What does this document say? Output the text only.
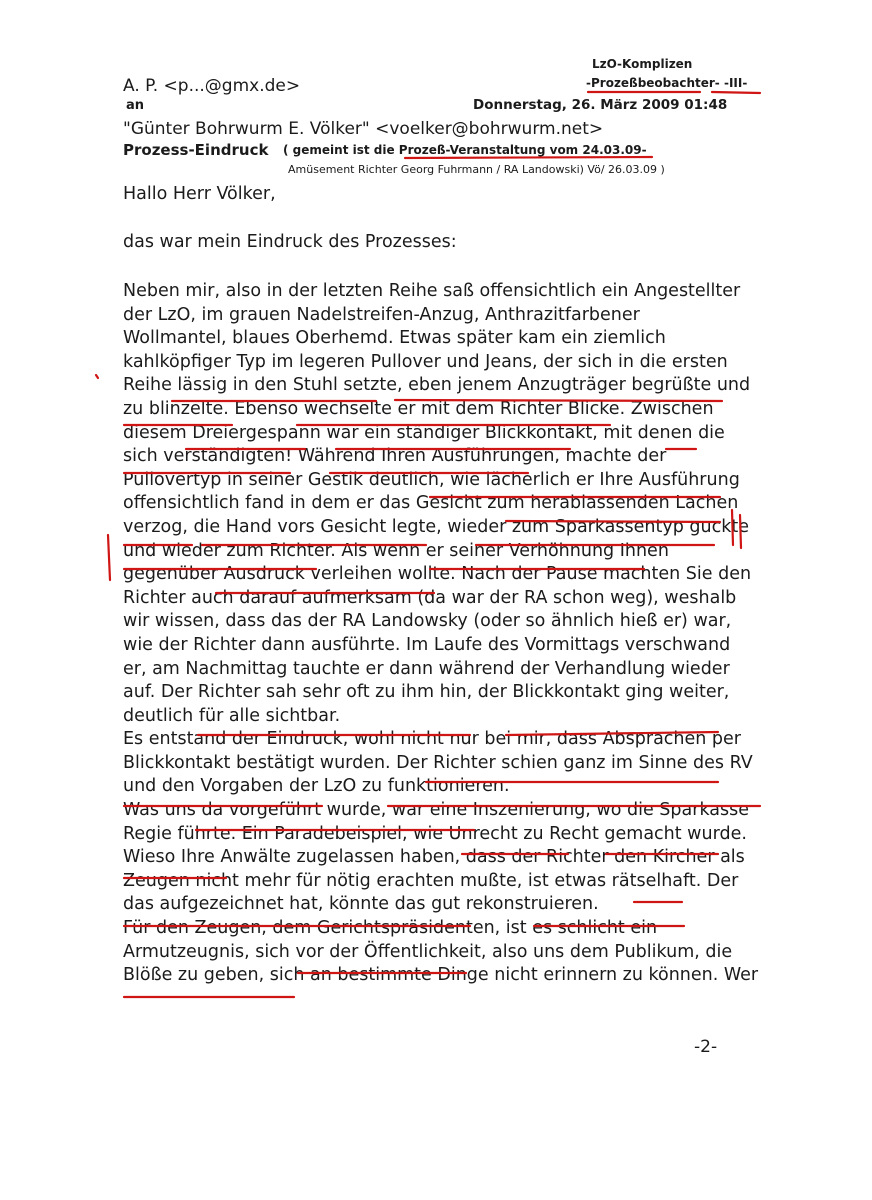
LzO-Komplizen
-Prozeßbeobachter- -III-
A. P. <p...@gmx.de>
an	Donnerstag, 26. März 2009 01:48
"Günter Bohrwurm E. Völker" <voelker@bohrwurm.net>
Prozess-Eindruck ( gemeint ist die Prozeß-Veranstaltung vom 24.03.09-
Amüsement Richter Georg Fuhrmann / RA Landowski) Vö/ 26.03.09 )
Hallo Herr Völker,
das war mein Eindruck des Prozesses:
Neben mir, also in der letzten Reihe saß offensichtlich ein Angestellter
der LzO, im grauen Nadelstreifen-Anzug, Anthrazitfarbener
Wollmantel, blaues Oberhemd. Etwas später kam ein ziemlich
kahlköpfiger Typ im legeren Pullover und Jeans, der sich in die ersten
Reihe lässig in den Stuhl setzte, eben jenem Anzugträger begrüßte und
zu blinzelte. Ebenso wechselte er mit dem Richter Blicke. Zwischen
diesem Dreiergespann war ein ständiger Blickkontakt, mit denen die
sich verständigten! Während Ihren Ausführungen, machte der
Pullovertyp in seiner Gestik deutlich, wie lächerlich er Ihre Ausführung
offensichtlich fand in dem er das Gesicht zum herablassenden Lachen
verzog, die Hand vors Gesicht legte, wieder zum Sparkassentyp guckte
und wieder zum Richter. Als wenn er seiner Verhöhnung Ihnen
gegenüber Ausdruck verleihen wollte. Nach der Pause machten Sie den
Richter auch darauf aufmerksam (da war der RA schon weg), weshalb
wir wissen, dass das der RA Landowsky (oder so ähnlich hieß er) war,
wie der Richter dann ausführte. Im Laufe des Vormittags verschwand
er, am Nachmittag tauchte er dann während der Verhandlung wieder
auf. Der Richter sah sehr oft zu ihm hin, der Blickkontakt ging weiter,
deutlich für alle sichtbar.
Es entstand der Eindruck, wohl nicht nur bei mir, dass Absprachen per
Blickkontakt bestätigt wurden. Der Richter schien ganz im Sinne des RV
und den Vorgaben der LzO zu funktionieren.
Was uns da vorgeführt wurde, war eine Inszenierung, wo die Sparkasse
Regie führte. Ein Paradebeispiel, wie Unrecht zu Recht gemacht wurde.
Wieso Ihre Anwälte zugelassen haben, dass der Richter den Kircher als
Zeugen nicht mehr für nötig erachten mußte, ist etwas rätselhaft. Der
das aufgezeichnet hat, könnte das gut rekonstruieren.
Für den Zeugen, dem Gerichtspräsidenten, ist es schlicht ein
Armutzeugnis, sich vor der Öffentlichkeit, also uns dem Publikum, die
Blöße zu geben, sich an bestimmte Dinge nicht erinnern zu können. Wer
-2-
